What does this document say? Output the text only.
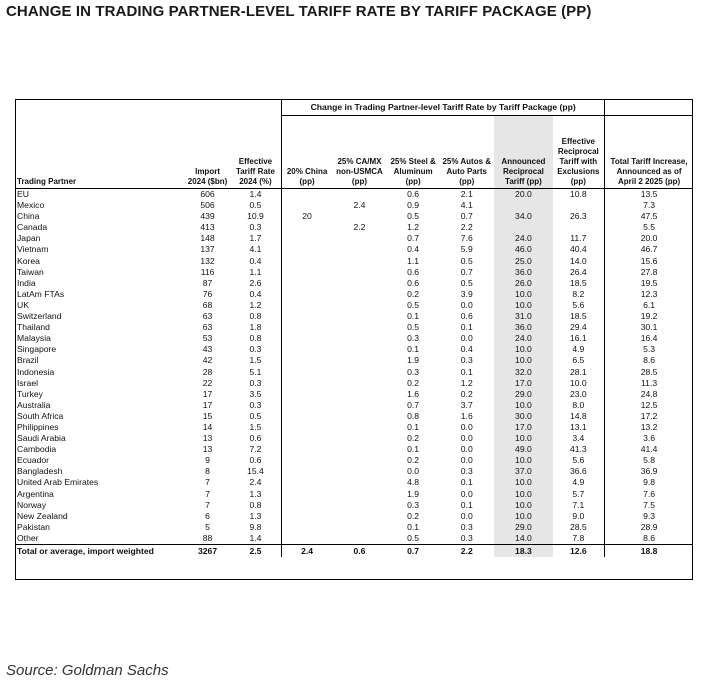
CHANGE IN TRADING PARTNER-LEVEL TARIFF RATE BY TARIFF PACKAGE (PP)
			Change in Trading Partner-level Tariff Rate by Tariff Package (pp)						
Trading Partner	Import 2024 ($bn)	Effective Tariff Rate 2024 (%)	20% China (pp)	25% CA/MX non-USMCA (pp)	25% Steel & Aluminum (pp)	25% Autos & Auto Parts (pp)	Announced Reciprocal Tariff (pp)	Effective Reciprocal Tariff with Exclusions (pp)	Total Tariff Increase, Announced as of April 2 2025 (pp)
EU	606	1.4			0.6	2.1	20.0	10.8	13.5
Mexico	506	0.5		2.4	0.9	4.1			7.3
China	439	10.9	20		0.5	0.7	34.0	26.3	47.5
Canada	413	0.3		2.2	1.2	2.2			5.5
Japan	148	1.7			0.7	7.6	24.0	11.7	20.0
Vietnam	137	4.1			0.4	5.9	46.0	40.4	46.7
Korea	132	0.4			1.1	0.5	25.0	14.0	15.6
Taiwan	116	1.1			0.6	0.7	36.0	26.4	27.8
India	87	2.6			0.6	0.5	26.0	18.5	19.5
LatAm FTAs	76	0.4			0.2	3.9	10.0	8.2	12.3
UK	68	1.2			0.5	0.0	10.0	5.6	6.1
Switzerland	63	0.8			0.1	0.6	31.0	18.5	19.2
Thailand	63	1.8			0.5	0.1	36.0	29.4	30.1
Malaysia	53	0.8			0.3	0.0	24.0	16.1	16.4
Singapore	43	0.3			0.1	0.4	10.0	4.9	5.3
Brazil	42	1.5			1.9	0.3	10.0	6.5	8.6
Indonesia	28	5.1			0.3	0.1	32.0	28.1	28.5
Israel	22	0.3			0.2	1.2	17.0	10.0	11.3
Turkey	17	3.5			1.6	0.2	29.0	23.0	24.8
Australia	17	0.3			0.7	3.7	10.0	8.0	12.5
South Africa	15	0.5			0.8	1.6	30.0	14.8	17.2
Philippines	14	1.5			0.1	0.0	17.0	13.1	13.2
Saudi Arabia	13	0.6			0.2	0.0	10.0	3.4	3.6
Cambodia	13	7.2			0.1	0.0	49.0	41.3	41.4
Ecuador	9	0.6			0.2	0.0	10.0	5.6	5.8
Bangladesh	8	15.4			0.0	0.3	37.0	36.6	36.9
United Arab Emirates	7	2.4			4.8	0.1	10.0	4.9	9.8
Argentina	7	1.3			1.9	0.0	10.0	5.7	7.6
Norway	7	0.8			0.3	0.1	10.0	7.1	7.5
New Zealand	6	1.3			0.2	0.0	10.0	9.0	9.3
Pakistan	5	9.8			0.1	0.3	29.0	28.5	28.9
Other	88	1.4			0.5	0.3	14.0	7.8	8.6
Total or average, import weighted	3267	2.5	2.4	0.6	0.7	2.2	18.3	12.6	18.8
Source: Goldman Sachs
